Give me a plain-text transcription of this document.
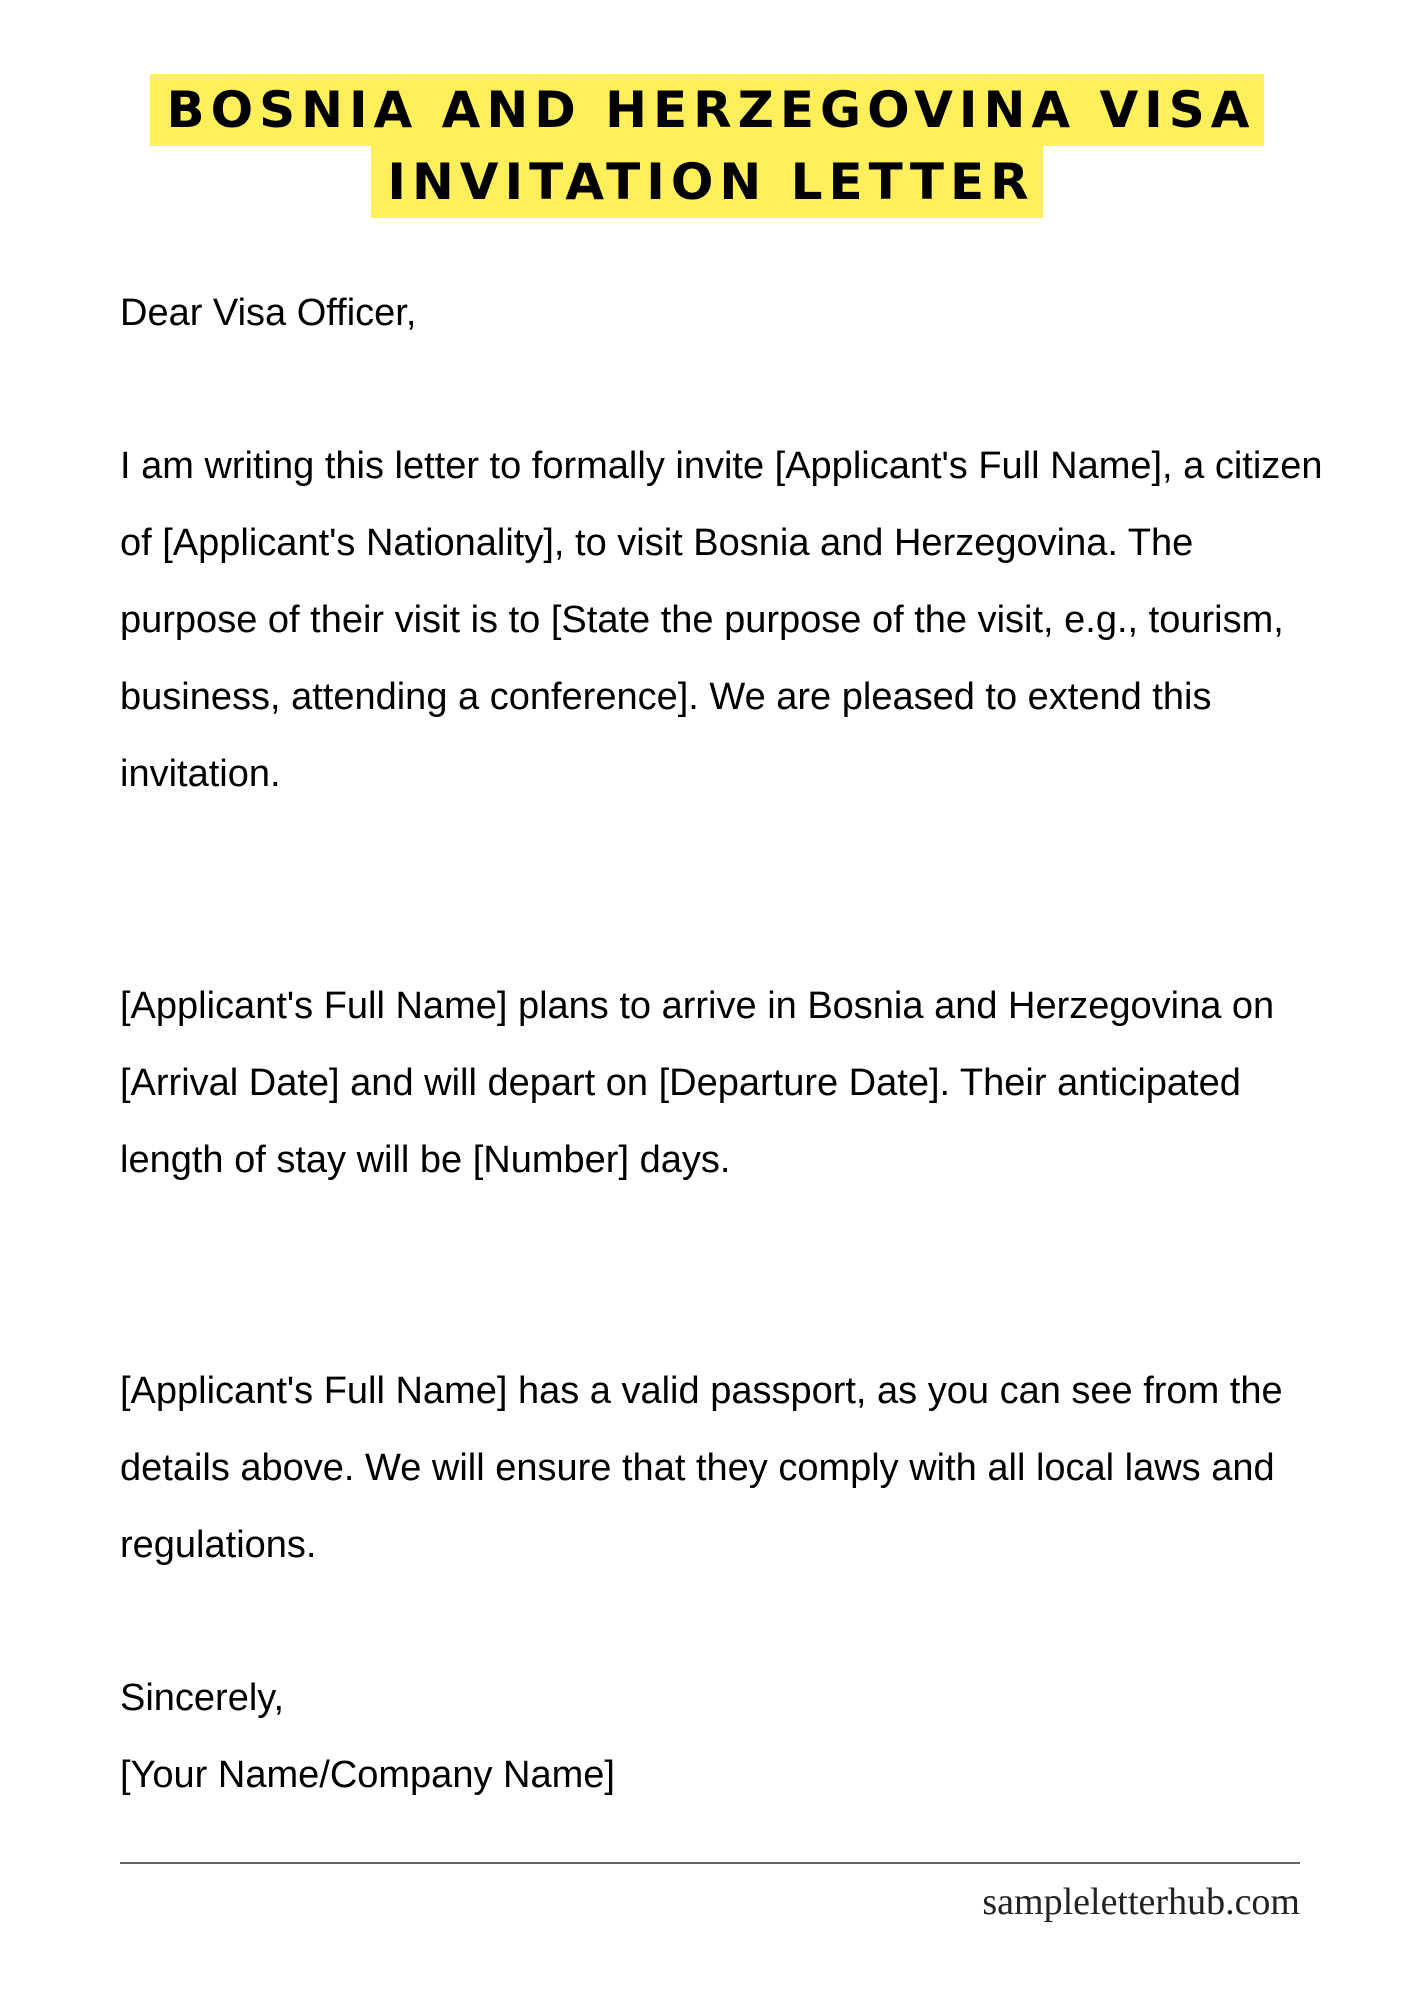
BOSNIA AND HERZEGOVINA VISA
INVITATION LETTER

Dear Visa Officer,

I am writing this letter to formally invite [Applicant's Full Name], a citizen of [Applicant's Nationality], to visit Bosnia and Herzegovina. The purpose of their visit is to [State the purpose of the visit, e.g., tourism, business, attending a conference]. We are pleased to extend this invitation.

[Applicant's Full Name] plans to arrive in Bosnia and Herzegovina on [Arrival Date] and will depart on [Departure Date]. Their anticipated length of stay will be [Number] days.

[Applicant's Full Name] has a valid passport, as you can see from the details above. We will ensure that they comply with all local laws and regulations.

Sincerely,

[Your Name/Company Name]

sampleletterhub.com
